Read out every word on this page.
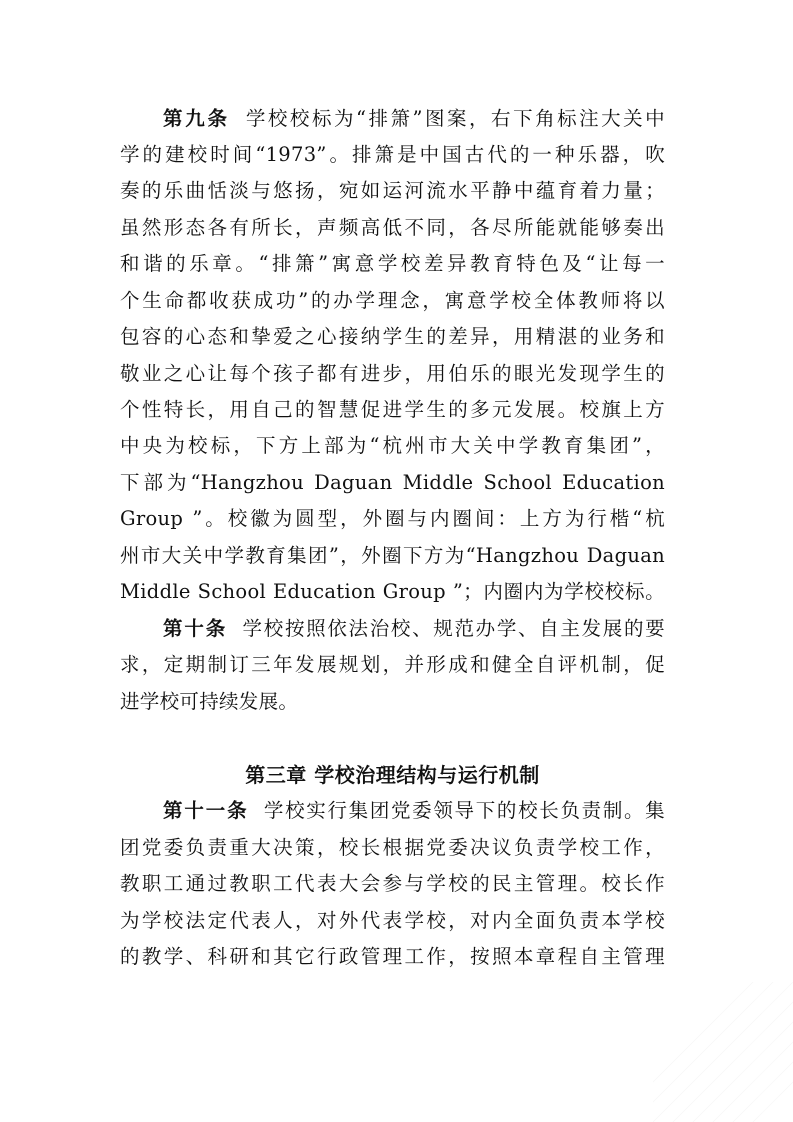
第九条 学校校标为“排箫”图案，右下角标注大关中
学的建校时间“1973”。排箫是中国古代的一种乐器，吹
奏的乐曲恬淡与悠扬，宛如运河流水平静中蕴育着力量；
虽然形态各有所长，声频高低不同，各尽所能就能够奏出
和谐的乐章。“排箫”寓意学校差异教育特色及“让每一
个生命都收获成功”的办学理念，寓意学校全体教师将以
包容的心态和挚爱之心接纳学生的差异，用精湛的业务和
敬业之心让每个孩子都有进步，用伯乐的眼光发现学生的
个性特长，用自己的智慧促进学生的多元发展。校旗上方
中央为校标，下方上部为“杭州市大关中学教育集团”，
下部为“Hangzhou Daguan Middle School Education
Group ”。校徽为圆型，外圈与内圈间：上方为行楷“杭
州市大关中学教育集团”，外圈下方为“Hangzhou Daguan
Middle School Education Group ”；内圈内为学校校标。
第十条 学校按照依法治校、规范办学、自主发展的要
求，定期制订三年发展规划，并形成和健全自评机制，促
进学校可持续发展。
第三章 学校治理结构与运行机制
第十一条 学校实行集团党委领导下的校长负责制。集
团党委负责重大决策，校长根据党委决议负责学校工作，
教职工通过教职工代表大会参与学校的民主管理。校长作
为学校法定代表人，对外代表学校，对内全面负责本学校
的教学、科研和其它行政管理工作，按照本章程自主管理
